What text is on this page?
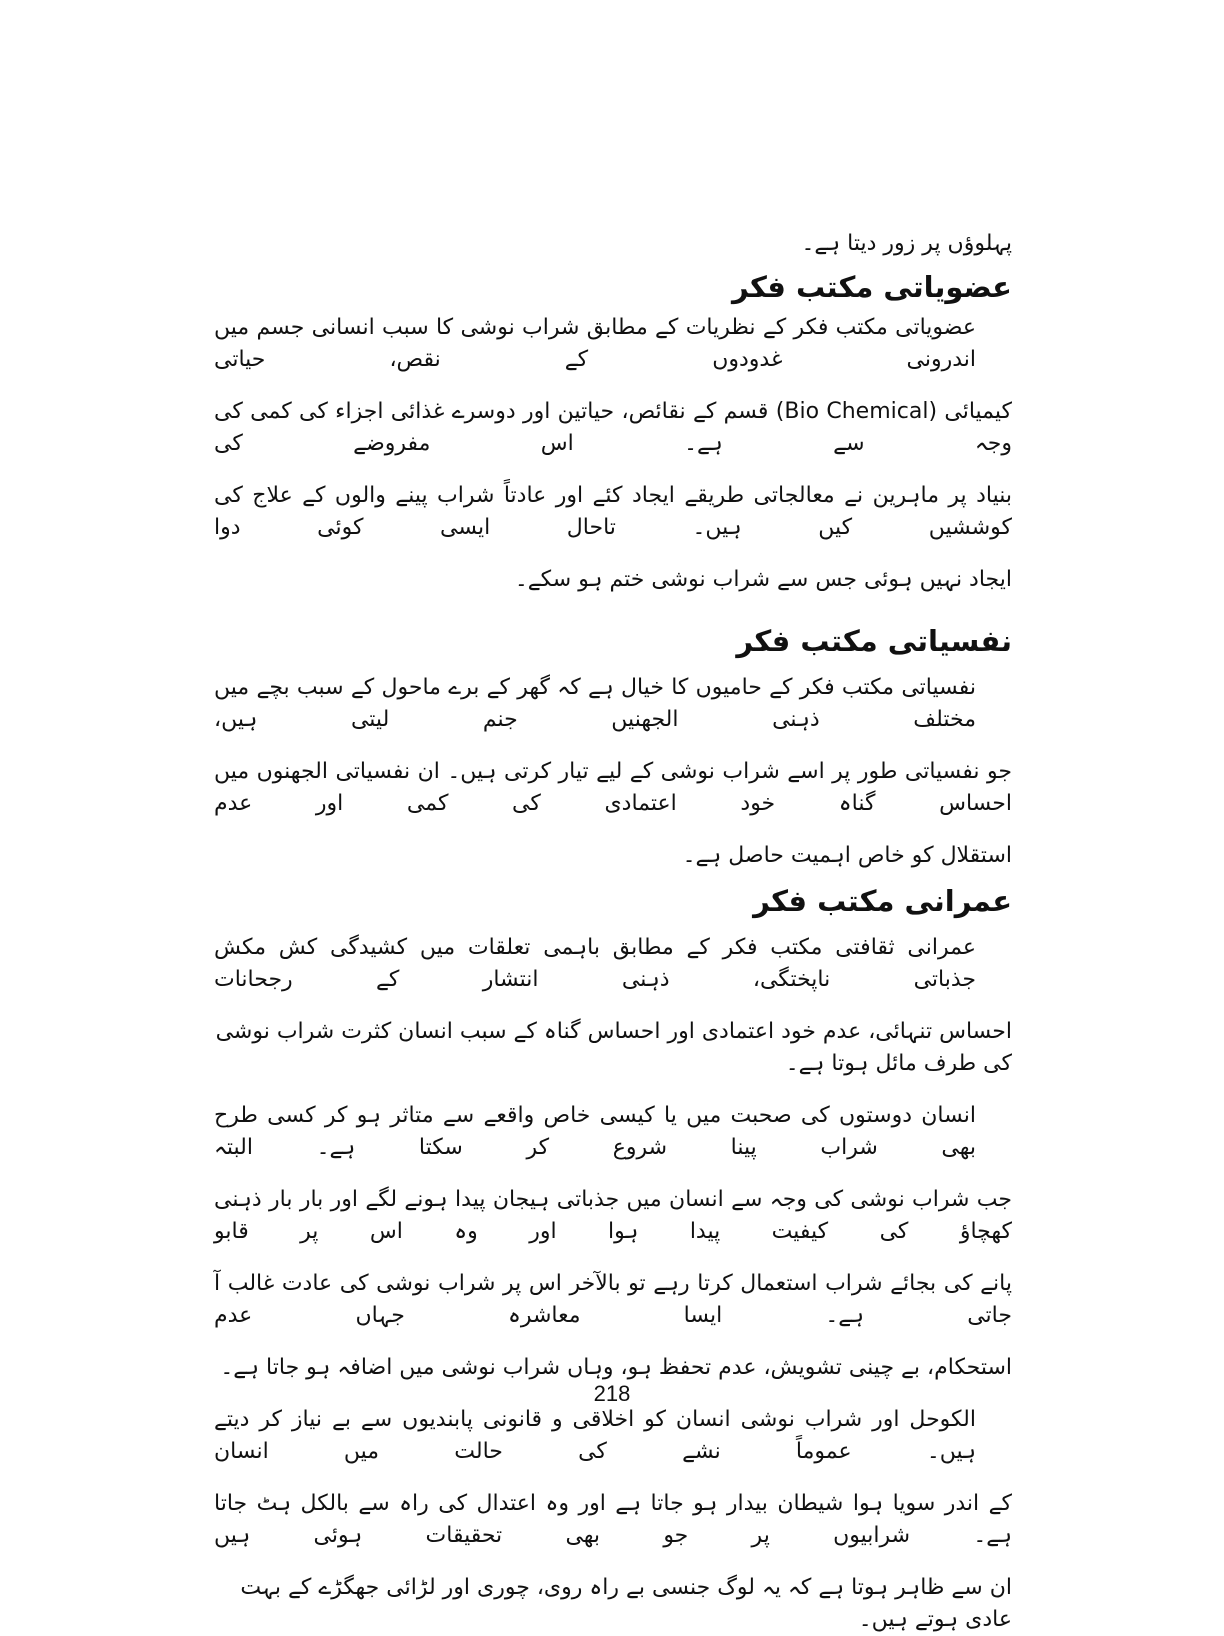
پہلوؤں پر زور دیتا ہے۔

عضویاتی مکتب فکر

عضویاتی مکتب فکر کے نظریات کے مطابق شراب نوشی کا سبب انسانی جسم میں اندرونی غدودوں کے نقص، حیاتی

کیمیائی (Bio Chemical) قسم کے نقائص، حیاتین اور دوسرے غذائی اجزاء کی کمی کی وجہ سے ہے۔ اس مفروضے کی

بنیاد پر ماہرین نے معالجاتی طریقے ایجاد کئے اور عادتاً شراب پینے والوں کے علاج کی کوششیں کیں ہیں۔ تاحال ایسی کوئی دوا

ایجاد نہیں ہوئی جس سے شراب نوشی ختم ہو سکے۔

نفسیاتی مکتب فکر

نفسیاتی مکتب فکر کے حامیوں کا خیال ہے کہ گھر کے برے ماحول کے سبب بچے میں مختلف ذہنی الجھنیں جنم لیتی ہیں،

جو نفسیاتی طور پر اسے شراب نوشی کے لیے تیار کرتی ہیں۔ ان نفسیاتی الجھنوں میں احساس گناہ خود اعتمادی کی کمی اور عدم

استقلال کو خاص اہمیت حاصل ہے۔

عمرانی مکتب فکر

عمرانی ثقافتی مکتب فکر کے مطابق باہمی تعلقات میں کشیدگی کش مکش جذباتی ناپختگی، ذہنی انتشار کے رجحانات

احساس تنہائی، عدم خود اعتمادی اور احساس گناہ کے سبب انسان کثرت شراب نوشی کی طرف مائل ہوتا ہے۔

انسان دوستوں کی صحبت میں یا کیسی خاص واقعے سے متاثر ہو کر کسی طرح بھی شراب پینا شروع کر سکتا ہے۔ البتہ

جب شراب نوشی کی وجہ سے انسان میں جذباتی ہیجان پیدا ہونے لگے اور بار بار ذہنی کھچاؤ کی کیفیت پیدا ہوا اور وہ اس پر قابو

پانے کی بجائے شراب استعمال کرتا رہے تو بالآخر اس پر شراب نوشی کی عادت غالب آ جاتی ہے۔ ایسا معاشرہ جہاں عدم

استحکام، بے چینی تشویش، عدم تحفظ ہو، وہاں شراب نوشی میں اضافہ ہو جاتا ہے۔

الکوحل اور شراب نوشی انسان کو اخلاقی و قانونی پابندیوں سے بے نیاز کر دیتے ہیں۔ عموماً نشے کی حالت میں انسان

کے اندر سویا ہوا شیطان بیدار ہو جاتا ہے اور وہ اعتدال کی راہ سے بالکل ہٹ جاتا ہے۔ شرابیوں پر جو بھی تحقیقات ہوئی ہیں

ان سے ظاہر ہوتا ہے کہ یہ لوگ جنسی بے راہ روی، چوری اور لڑائی جھگڑے کے بہت عادی ہوتے ہیں۔

218
